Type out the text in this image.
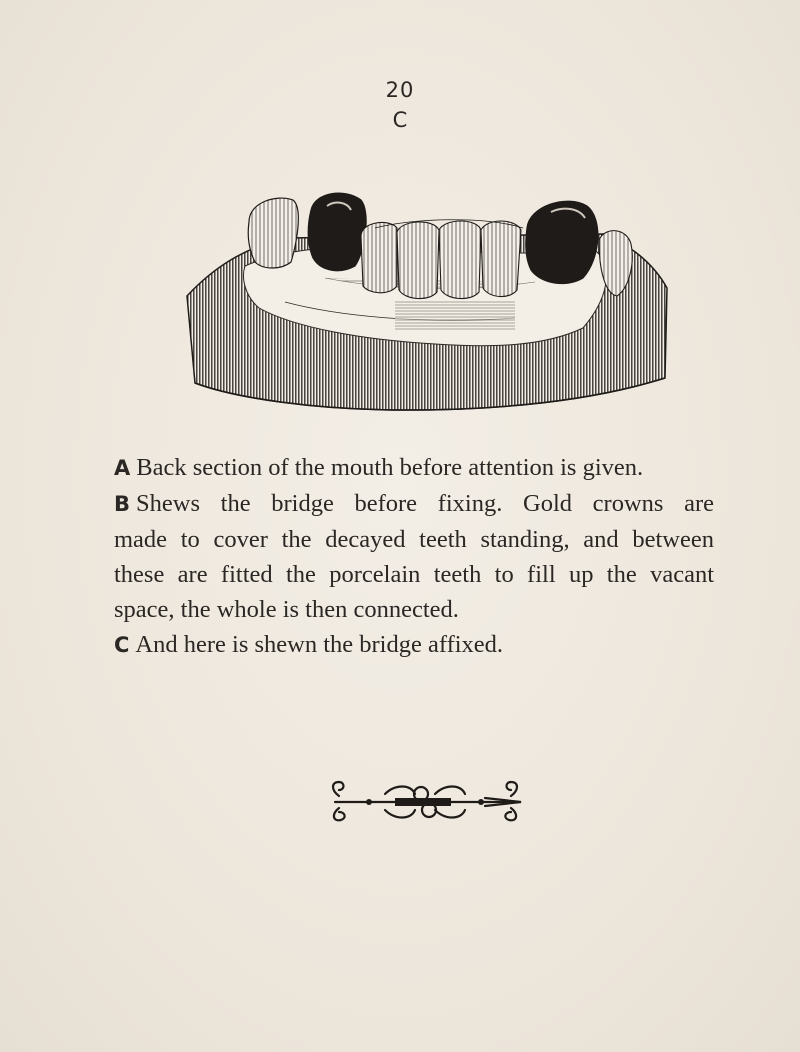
20
C

A Back section of the mouth before attention is given.

B Shews the bridge before fixing. Gold crowns are

made to cover the decayed teeth standing, and between

these are fitted the porcelain teeth to fill up the vacant

space, the whole is then connected.

C And here is shewn the bridge affixed.
